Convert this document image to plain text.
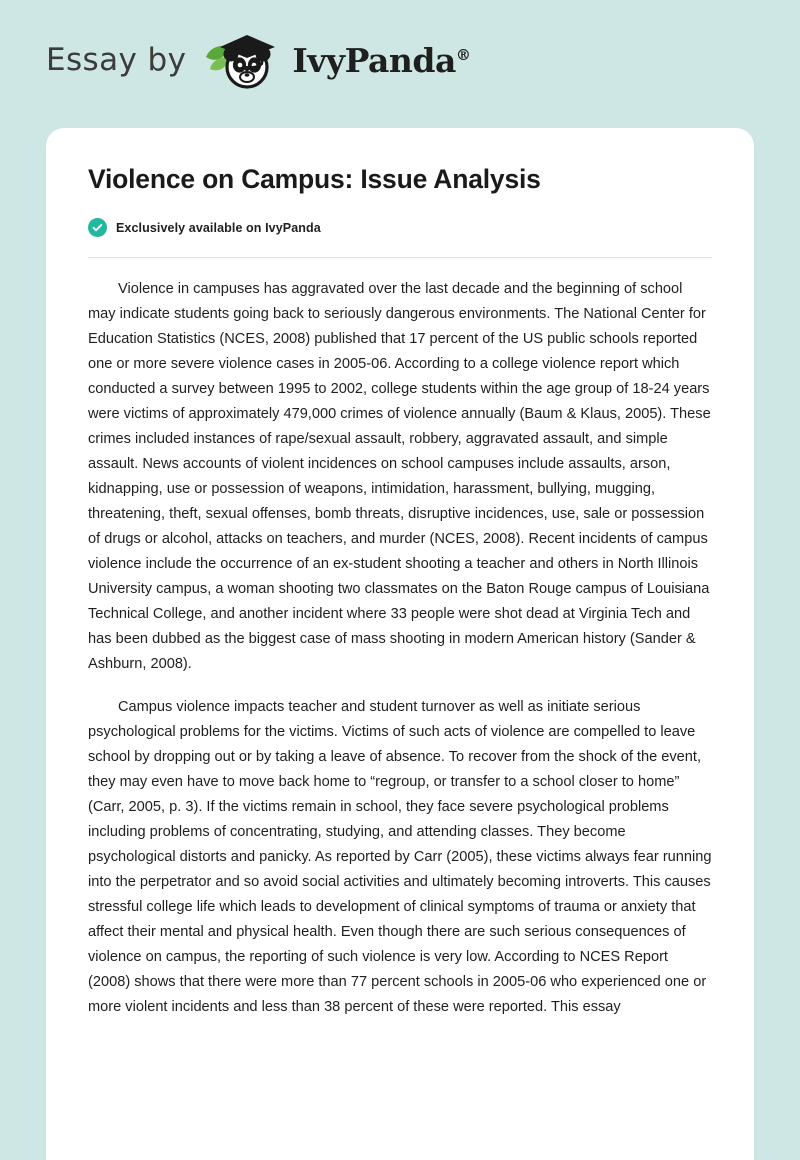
Essay by	IvyPanda®
Violence on Campus: Issue Analysis
Exclusively available on IvyPanda

Violence in campuses has aggravated over the last decade and the beginning of school may indicate students going back to seriously dangerous environments. The National Center for Education Statistics (NCES, 2008) published that 17 percent of the US public schools reported one or more severe violence cases in 2005-06. According to a college violence report which conducted a survey between 1995 to 2002, college students within the age group of 18-24 years were victims of approximately 479,000 crimes of violence annually (Baum & Klaus, 2005). These crimes included instances of rape/sexual assault, robbery, aggravated assault, and simple assault. News accounts of violent incidences on school campuses include assaults, arson, kidnapping, use or possession of weapons, intimidation, harassment, bullying, mugging, threatening, theft, sexual offenses, bomb threats, disruptive incidences, use, sale or possession of drugs or alcohol, attacks on teachers, and murder (NCES, 2008). Recent incidents of campus violence include the occurrence of an ex-student shooting a teacher and others in North Illinois University campus, a woman shooting two classmates on the Baton Rouge campus of Louisiana Technical College, and another incident where 33 people were shot dead at Virginia Tech and has been dubbed as the biggest case of mass shooting in modern American history (Sander & Ashburn, 2008).

Campus violence impacts teacher and student turnover as well as initiate serious psychological problems for the victims. Victims of such acts of violence are compelled to leave school by dropping out or by taking a leave of absence. To recover from the shock of the event, they may even have to move back home to “regroup, or transfer to a school closer to home” (Carr, 2005, p. 3). If the victims remain in school, they face severe psychological problems including problems of concentrating, studying, and attending classes. They become psychological distorts and panicky. As reported by Carr (2005), these victims always fear running into the perpetrator and so avoid social activities and ultimately becoming introverts. This causes stressful college life which leads to development of clinical symptoms of trauma or anxiety that affect their mental and physical health. Even though there are such serious consequences of violence on campus, the reporting of such violence is very low. According to NCES Report (2008) shows that there were more than 77 percent schools in 2005-06 who experienced one or more violent incidents and less than 38 percent of these were reported. This essay
